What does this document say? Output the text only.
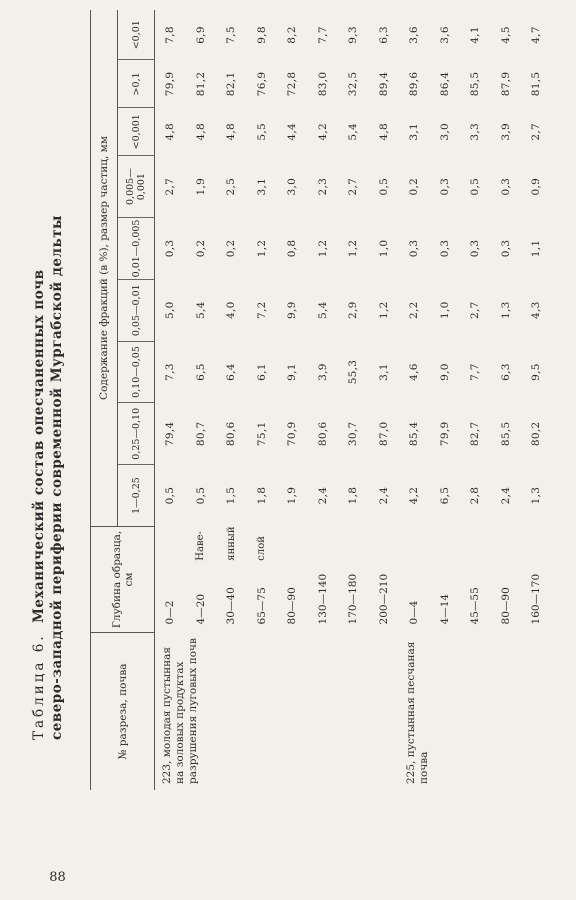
88
Таблица 6. Механический состав опесчаненных почв северо-западной периферии современной Мургабской дельты	№ разреза, почва	Глубина образца, см		Содержание фракций (в %), размер частиц, мм								
			1—0,25	0,25—0,10	0,10—0,05	0,05—0,01	0,01—0,005	0,005—0,001	<0,001	>0,1	<0,01
223, молодая пустынная на золовых продуктах разрушения луговых почв	0—2		0,5	79,4	7,3	5,0	0,3	2,7	4,8	79,9	7,8
	4—20	Наве-	0,5	80,7	6,5	5,4	0,2	1,9	4,8	81,2	6,9
	30—40	янный	1,5	80,6	6,4	4,0	0,2	2,5	4,8	82,1	7,5
	65—75	слой	1,8	75,1	6,1	7,2	1,2	3,1	5,5	76,9	9,8
	80—90		1,9	70,9	9,1	9,9	0,8	3,0	4,4	72,8	8,2
	130—140		2,4	80,6	3,9	5,4	1,2	2,3	4,2	83,0	7,7
	170—180		1,8	30,7	55,3	2,9	1,2	2,7	5,4	32,5	9,3
	200—210		2,4	87,0	3,1	1,2	1,0	0,5	4,8	89,4	6,3
225, пустынная песчаная почва	0—4		4,2	85,4	4,6	2,2	0,3	0,2	3,1	89,6	3,6
	4—14		6,5	79,9	9,0	1,0	0,3	0,3	3,0	86,4	3,6
	45—55		2,8	82,7	7,7	2,7	0,3	0,5	3,3	85,5	4,1
	80—90		2,4	85,5	6,3	1,3	0,3	0,3	3,9	87,9	4,5
	160—170		1,3	80,2	9,5	4,3	1,1	0,9	2,7	81,5	4,7
